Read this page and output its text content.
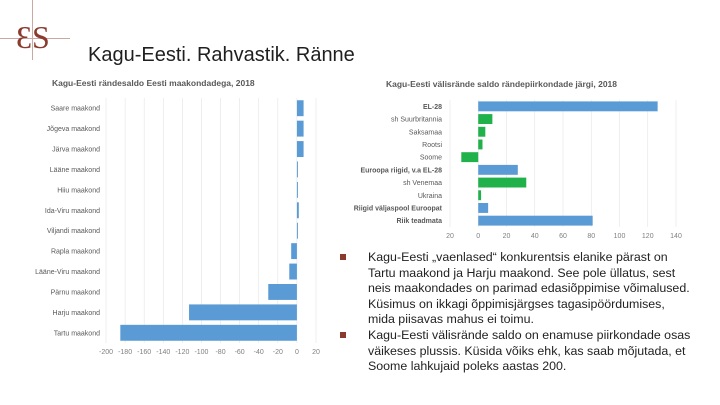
ƐS Kagu-Eesti. Rahvastik. Ränne
Kagu-Eesti rändesaldo Eesti maakondadega, 2018	Kagu-Eesti välisrände saldo rändepiirkondade järgi, 2018
-200 -180 -160 -140 -120 -100 -80 -60 -40 -20 0 20
Saare maakond
Jõgeva maakond
Järva maakond
Lääne maakond
Hiiu maakond
Ida-Viru maakond
Viljandi maakond
Rapla maakond
Lääne-Viru maakond
Pärnu maakond
Harju maakond
Tartu maakond
20	0	20	40	60	80	100 120 140
EL-28
sh Suurbritannia
Saksamaa
Rootsi
Soome
Euroopa riigid, v.a EL-28
sh Venemaa
Ukraina
Riigid väljaspool Euroopat
Riik teadmata
Kagu-Eesti „vaenlased“ konkurentsis elanike pärast on Tartu maakond ja Harju maakond. See pole üllatus, sest neis maakondades on parimad edasiõppimise võimalused. Küsimus on ikkagi õppimisjärgses tagasipöördumises, mida piisavas mahus ei toimu.
Kagu-Eesti välisrände saldo on enamuse piirkondade osas väikeses plussis. Küsida võiks ehk, kas saab mõjutada, et Soome lahkujaid poleks aastas 200.
